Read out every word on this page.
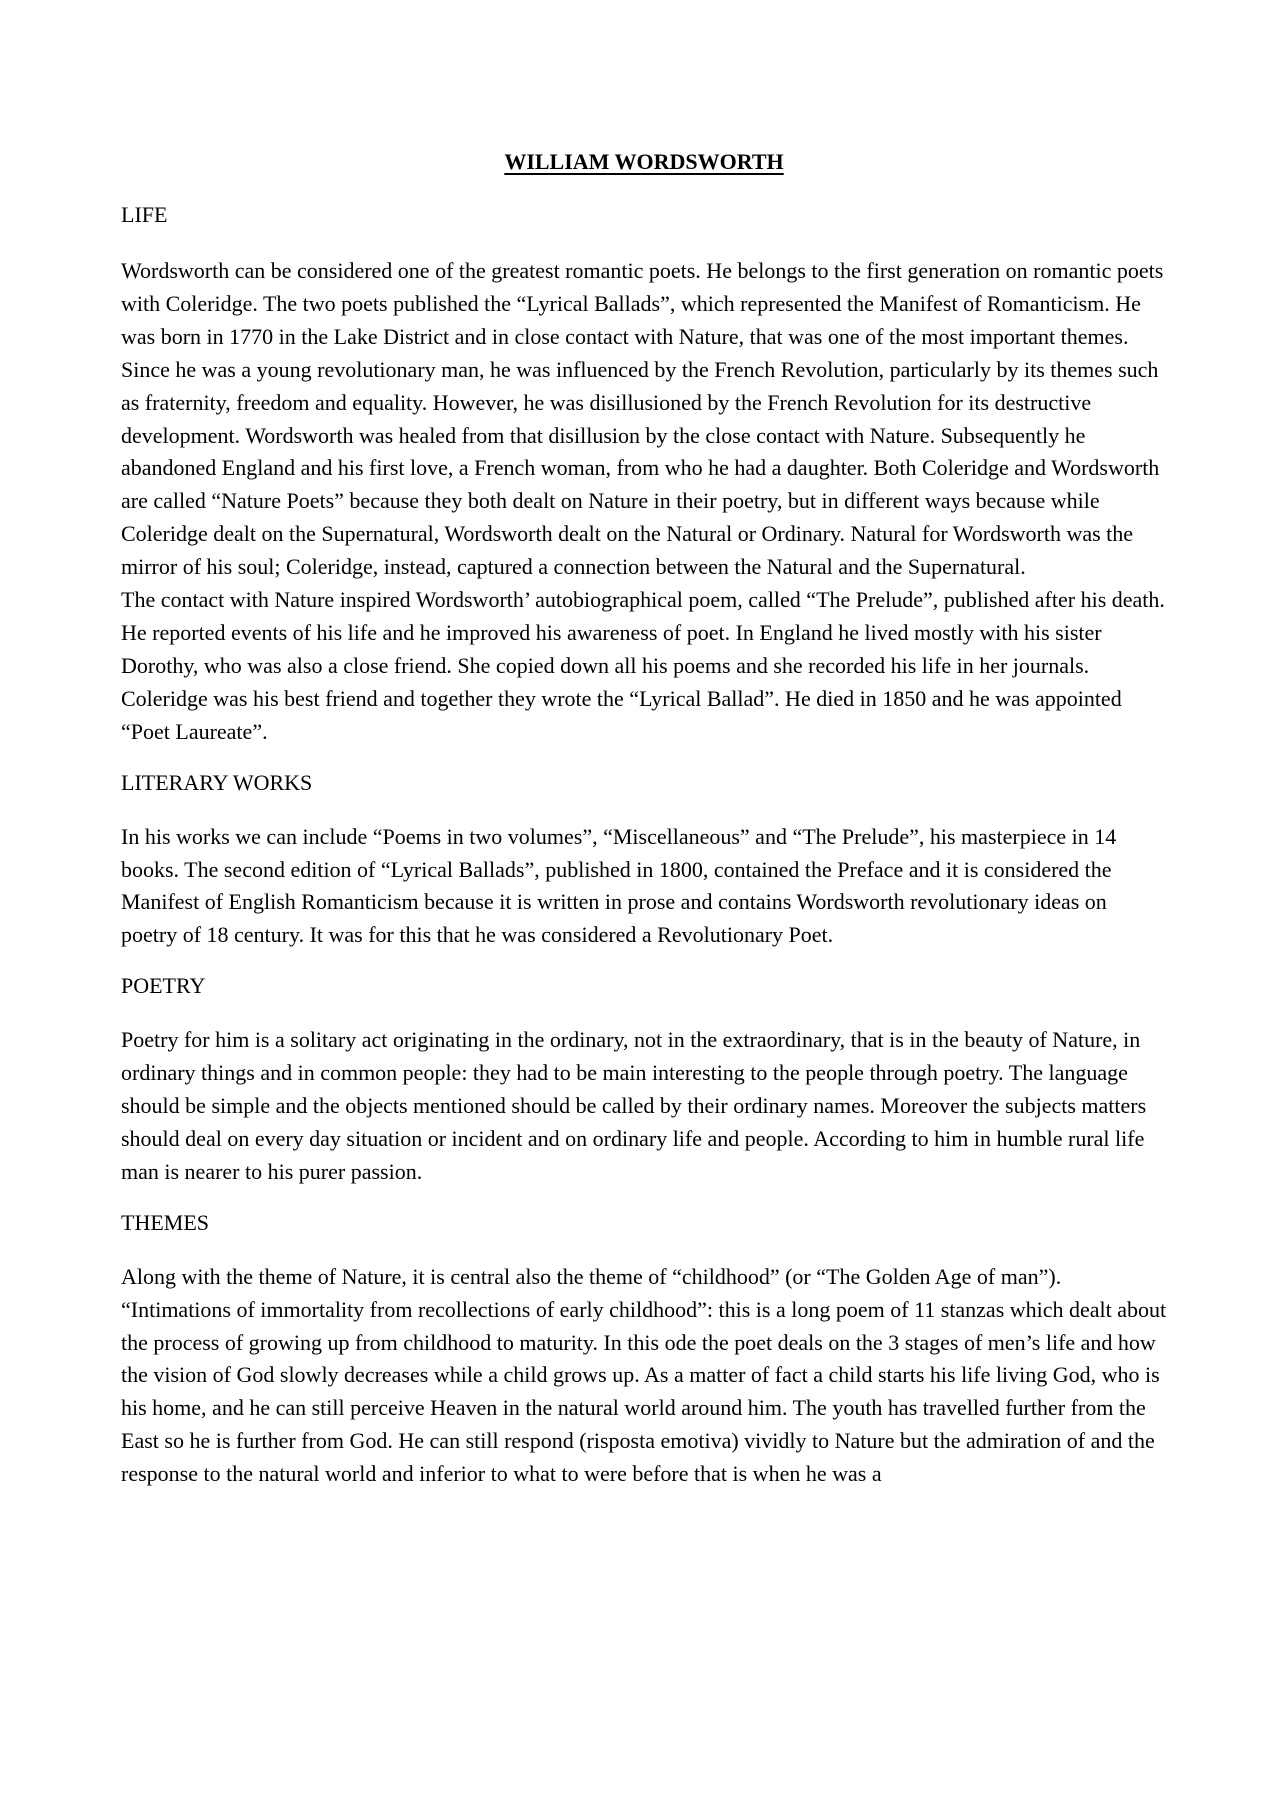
WILLIAM WORDSWORTH
LIFE

Wordsworth can be considered one of the greatest romantic poets. He belongs to the first generation on romantic poets with Coleridge. The two poets published the “Lyrical Ballads”, which represented the Manifest of Romanticism. He was born in 1770 in the Lake District and in close contact with Nature, that was one of the most important themes. Since he was a young revolutionary man, he was influenced by the French Revolution, particularly by its themes such as fraternity, freedom and equality. However, he was disillusioned by the French Revolution for its destructive development. Wordsworth was healed from that disillusion by the close contact with Nature. Subsequently he abandoned England and his first love, a French woman, from who he had a daughter. Both Coleridge and Wordsworth are called “Nature Poets” because they both dealt on Nature in their poetry, but in different ways because while Coleridge dealt on the Supernatural, Wordsworth dealt on the Natural or Ordinary. Natural for Wordsworth was the mirror of his soul; Coleridge, instead, captured a connection between the Natural and the Supernatural.

The contact with Nature inspired Wordsworth’ autobiographical poem, called “The Prelude”, published after his death. He reported events of his life and he improved his awareness of poet. In England he lived mostly with his sister Dorothy, who was also a close friend. She copied down all his poems and she recorded his life in her journals. Coleridge was his best friend and together they wrote the “Lyrical Ballad”. He died in 1850 and he was appointed “Poet Laureate”.

LITERARY WORKS

In his works we can include “Poems in two volumes”, “Miscellaneous” and “The Prelude”, his masterpiece in 14 books. The second edition of “Lyrical Ballads”, published in 1800, contained the Preface and it is considered the Manifest of English Romanticism because it is written in prose and contains Wordsworth revolutionary ideas on poetry of 18 century. It was for this that he was considered a Revolutionary Poet.

POETRY

Poetry for him is a solitary act originating in the ordinary, not in the extraordinary, that is in the beauty of Nature, in ordinary things and in common people: they had to be main interesting to the people through poetry. The language should be simple and the objects mentioned should be called by their ordinary names. Moreover the subjects matters should deal on every day situation or incident and on ordinary life and people. According to him in humble rural life man is nearer to his purer passion.

THEMES

Along with the theme of Nature, it is central also the theme of “childhood” (or “The Golden Age of man”). “Intimations of immortality from recollections of early childhood”: this is a long poem of 11 stanzas which dealt about the process of growing up from childhood to maturity. In this ode the poet deals on the 3 stages of men’s life and how the vision of God slowly decreases while a child grows up. As a matter of fact a child starts his life living God, who is his home, and he can still perceive Heaven in the natural world around him. The youth has travelled further from the East so he is further from God. He can still respond (risposta emotiva) vividly to Nature but the admiration of and the response to the natural world and inferior to what to were before that is when he was a
